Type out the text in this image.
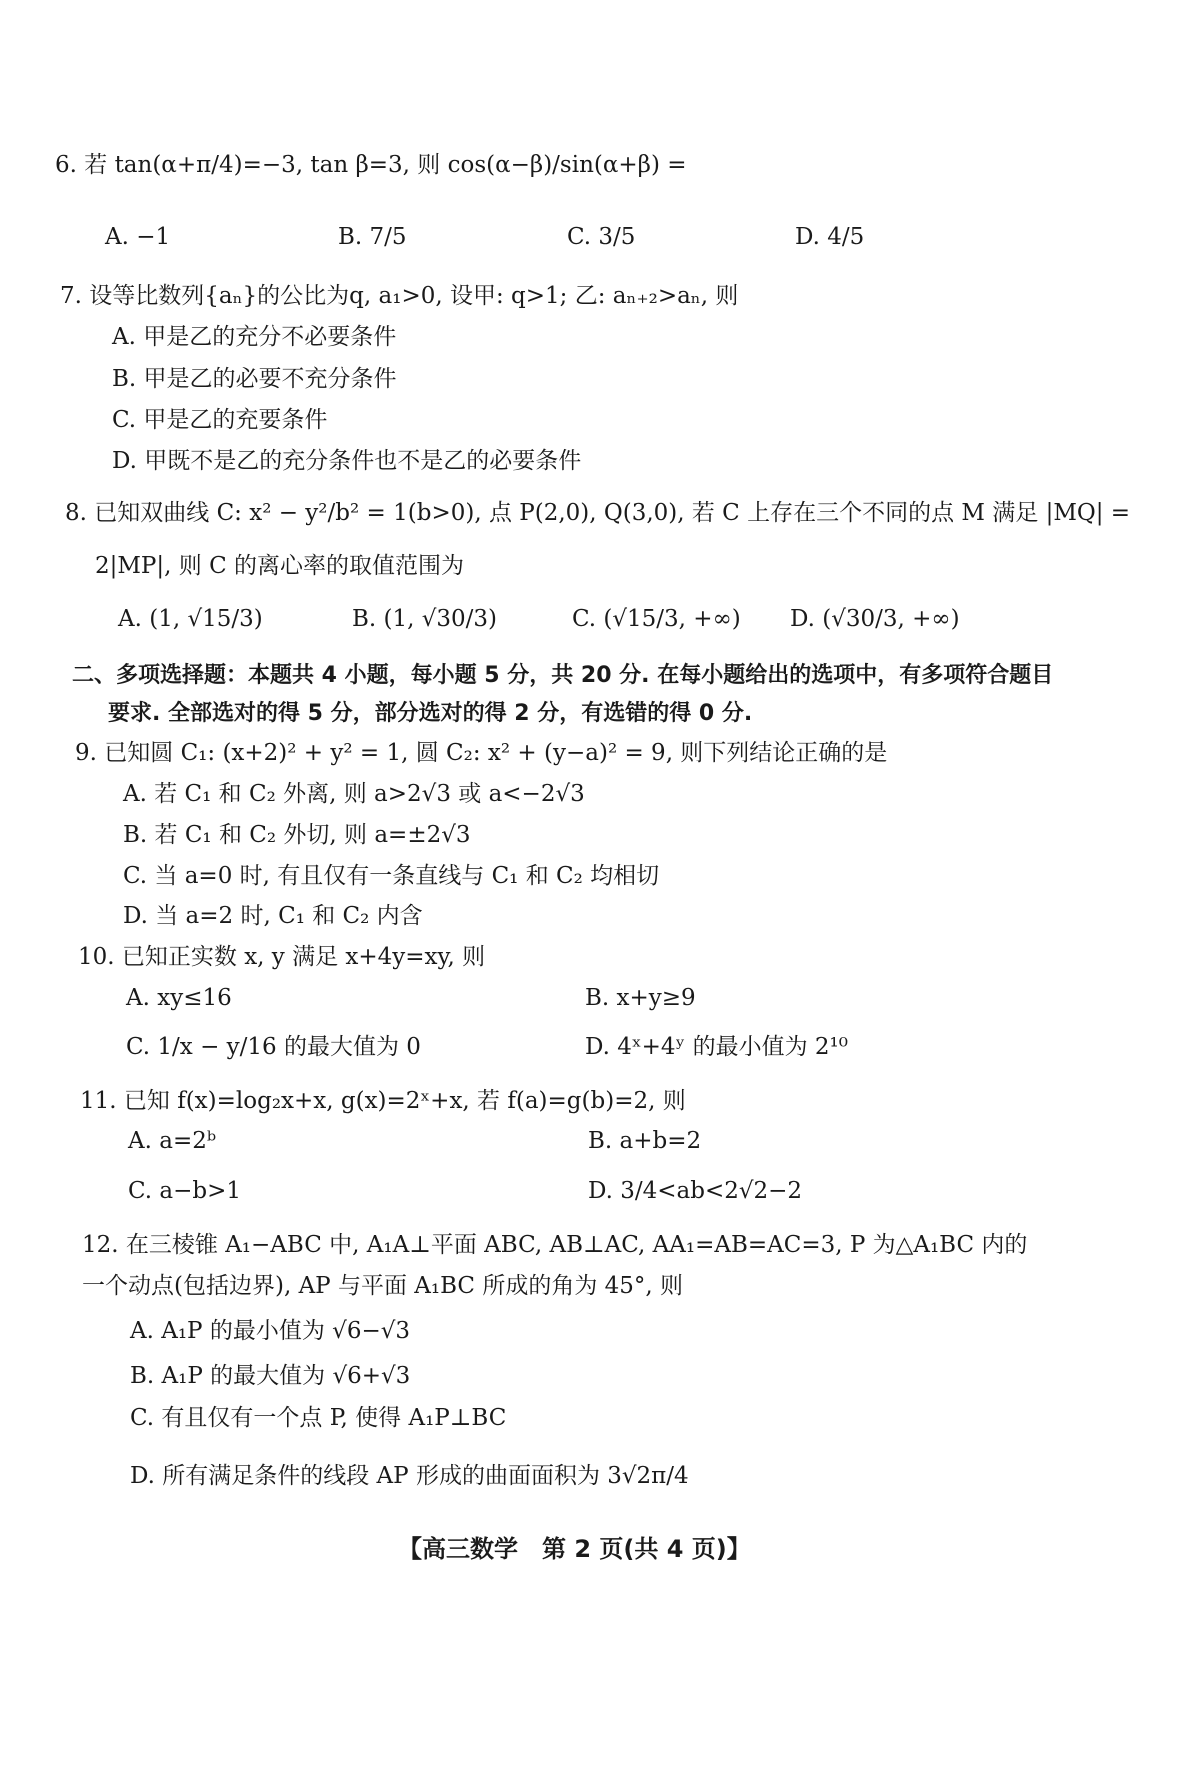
6. 若 tan(α+π/4)=−3, tan β=3, 则 cos(α−β)/sin(α+β) =
A. −1	B. 7/5	C. 3/5	D. 4/5
7. 设等比数列{aₙ}的公比为q, a₁>0, 设甲: q>1; 乙: aₙ₊₂>aₙ, 则
A. 甲是乙的充分不必要条件
B. 甲是乙的必要不充分条件
C. 甲是乙的充要条件
D. 甲既不是乙的充分条件也不是乙的必要条件
8. 已知双曲线 C: x² − y²/b² = 1(b>0), 点 P(2,0), Q(3,0), 若 C 上存在三个不同的点 M 满足 |MQ| =
2|MP|, 则 C 的离心率的取值范围为
A. (1, √15/3)	B. (1, √30/3)	C. (√15/3, +∞) D. (√30/3, +∞)
二、多项选择题：本题共 4 小题，每小题 5 分，共 20 分. 在每小题给出的选项中，有多项符合题目
要求. 全部选对的得 5 分，部分选对的得 2 分，有选错的得 0 分.
9. 已知圆 C₁: (x+2)² + y² = 1, 圆 C₂: x² + (y−a)² = 9, 则下列结论正确的是
A. 若 C₁ 和 C₂ 外离, 则 a>2√3 或 a<−2√3
B. 若 C₁ 和 C₂ 外切, 则 a=±2√3
C. 当 a=0 时, 有且仅有一条直线与 C₁ 和 C₂ 均相切
D. 当 a=2 时, C₁ 和 C₂ 内含
10. 已知正实数 x, y 满足 x+4y=xy, 则
A. xy≤16	B. x+y≥9
C. 1/x − y/16 的最大值为 0	D. 4ˣ+4ʸ 的最小值为 2¹⁰
11. 已知 f(x)=log₂x+x, g(x)=2ˣ+x, 若 f(a)=g(b)=2, 则
A. a=2ᵇ	B. a+b=2
C. a−b>1	D. 3/4<ab<2√2−2
12. 在三棱锥 A₁−ABC 中, A₁A⊥平面 ABC, AB⊥AC, AA₁=AB=AC=3, P 为△A₁BC 内的
一个动点(包括边界), AP 与平面 A₁BC 所成的角为 45°, 则
A. A₁P 的最小值为 √6−√3
B. A₁P 的最大值为 √6+√3
C. 有且仅有一个点 P, 使得 A₁P⊥BC
D. 所有满足条件的线段 AP 形成的曲面面积为 3√2π/4
【高三数学　第 2 页(共 4 页)】
